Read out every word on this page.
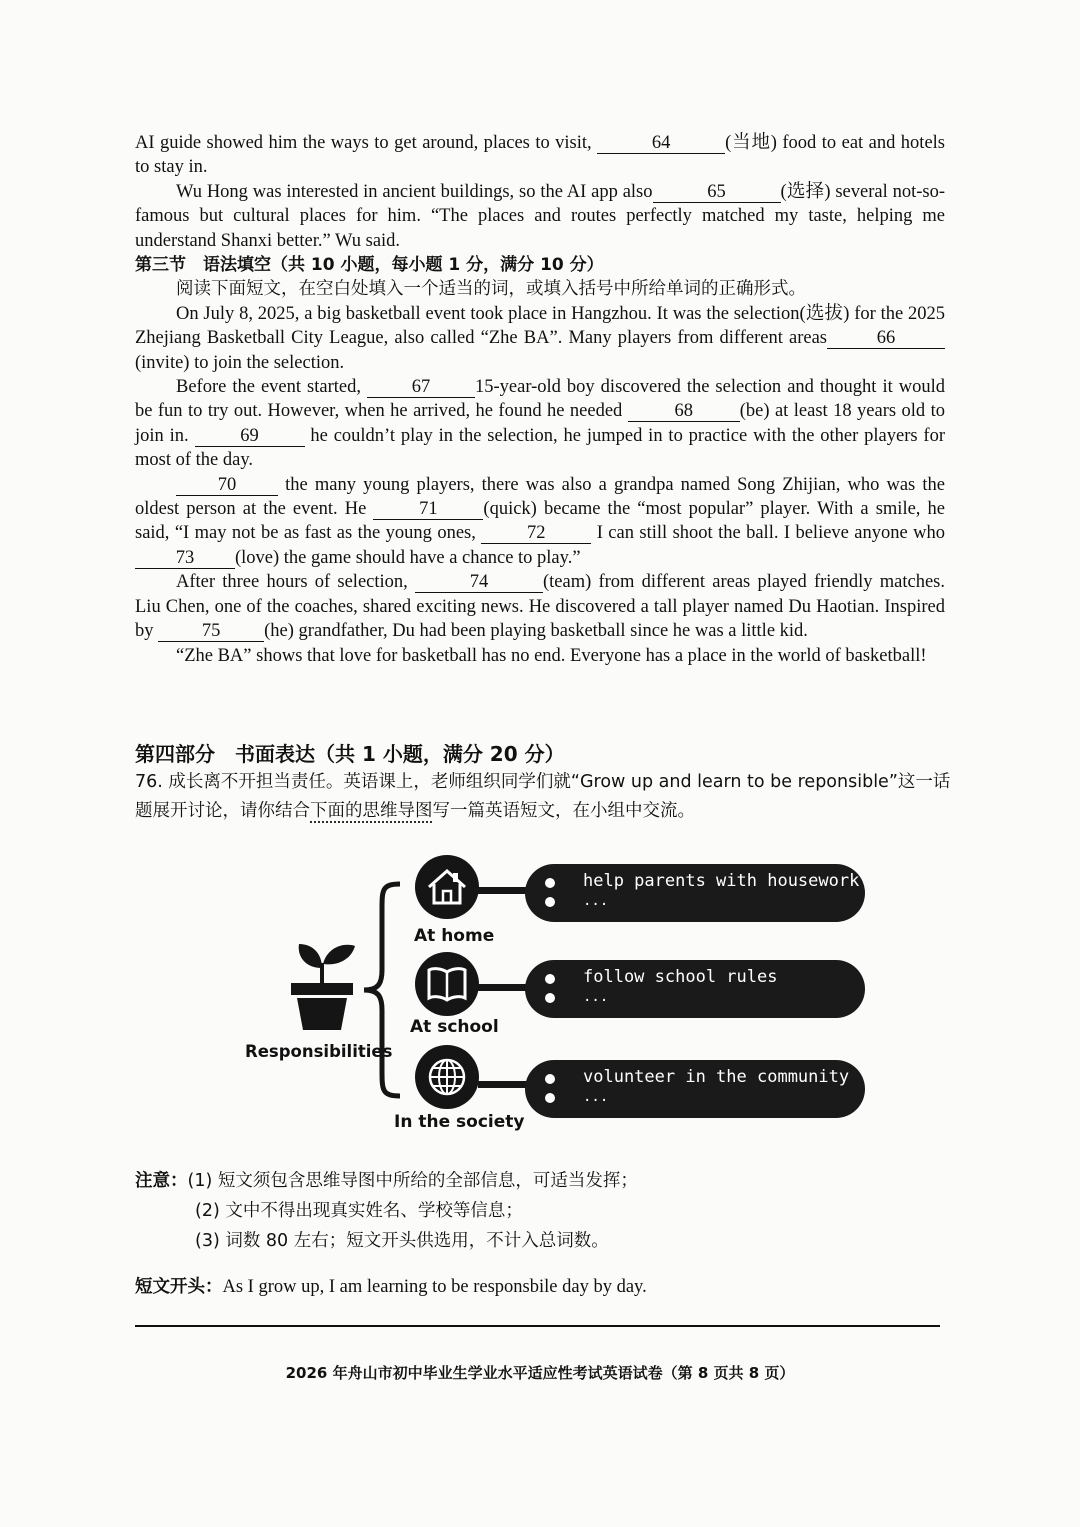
AI guide showed him the ways to get around, places to visit,	64	(当地) food to eat and hotels to stay in.

Wu Hong was interested in ancient buildings, so the AI app also	65	(选择) several not-so-famous but cultural places for him. “The places and routes perfectly matched my taste, helping me understand Shanxi better.” Wu said.

第三节　语法填空（共 10 小题，每小题 1 分，满分 10 分）

阅读下面短文，在空白处填入一个适当的词，或填入括号中所给单词的正确形式。

On July 8, 2025, a big basketball event took place in Hangzhou. It was the selection(选拔) for the 2025 Zhejiang Basketball City League, also called “Zhe BA”. Many players from different areas	66(invite) to join the selection.

Before the event started, 67 15-year-old boy discovered the selection and thought it would be fun to try out. However, when he arrived, he found he needed	68	(be) at least 18 years old to join in. 69 he couldn’t play in the selection, he jumped in to practice with the other players for most of the day.

70 the many young players, there was also a grandpa named Song Zhijian, who was the oldest person at the event. He 71 (quick) became the “most popular” player. With a smile, he said, “I may not be as fast as the young ones, 72 I can still shoot the ball. I believe anyone who 73 (love) the game should have a chance to play.”

After three hours of selection,	74	(team) from different areas played friendly matches. Liu Chen, one of the coaches, shared exciting news. He discovered a tall player named Du Haotian. Inspired by 75 (he) grandfather, Du had been playing basketball since he was a little kid.

“Zhe BA” shows that love for basketball has no end. Everyone has a place in the world of basketball!

第四部分　书面表达（共 1 小题，满分 20 分）
76. 成长离不开担当责任。英语课上，老师组织同学们就“Grow up and learn to be reponsible”这一话题展开讨论，请你结合下面的思维导图写一篇英语短文，在小组中交流。
Responsibilities
At home
help parents with housework
...
At school
follow school rules
...
In the society
volunteer in the community
...
注意：(1) 短文须包含思维导图中所给的全部信息，可适当发挥；
(2) 文中不得出现真实姓名、学校等信息；
(3) 词数 80 左右；短文开头供选用，不计入总词数。
短文开头：As I grow up, I am learning to be responsbile day by day.
2026 年舟山市初中毕业生学业水平适应性考试英语试卷（第 8 页共 8 页）
